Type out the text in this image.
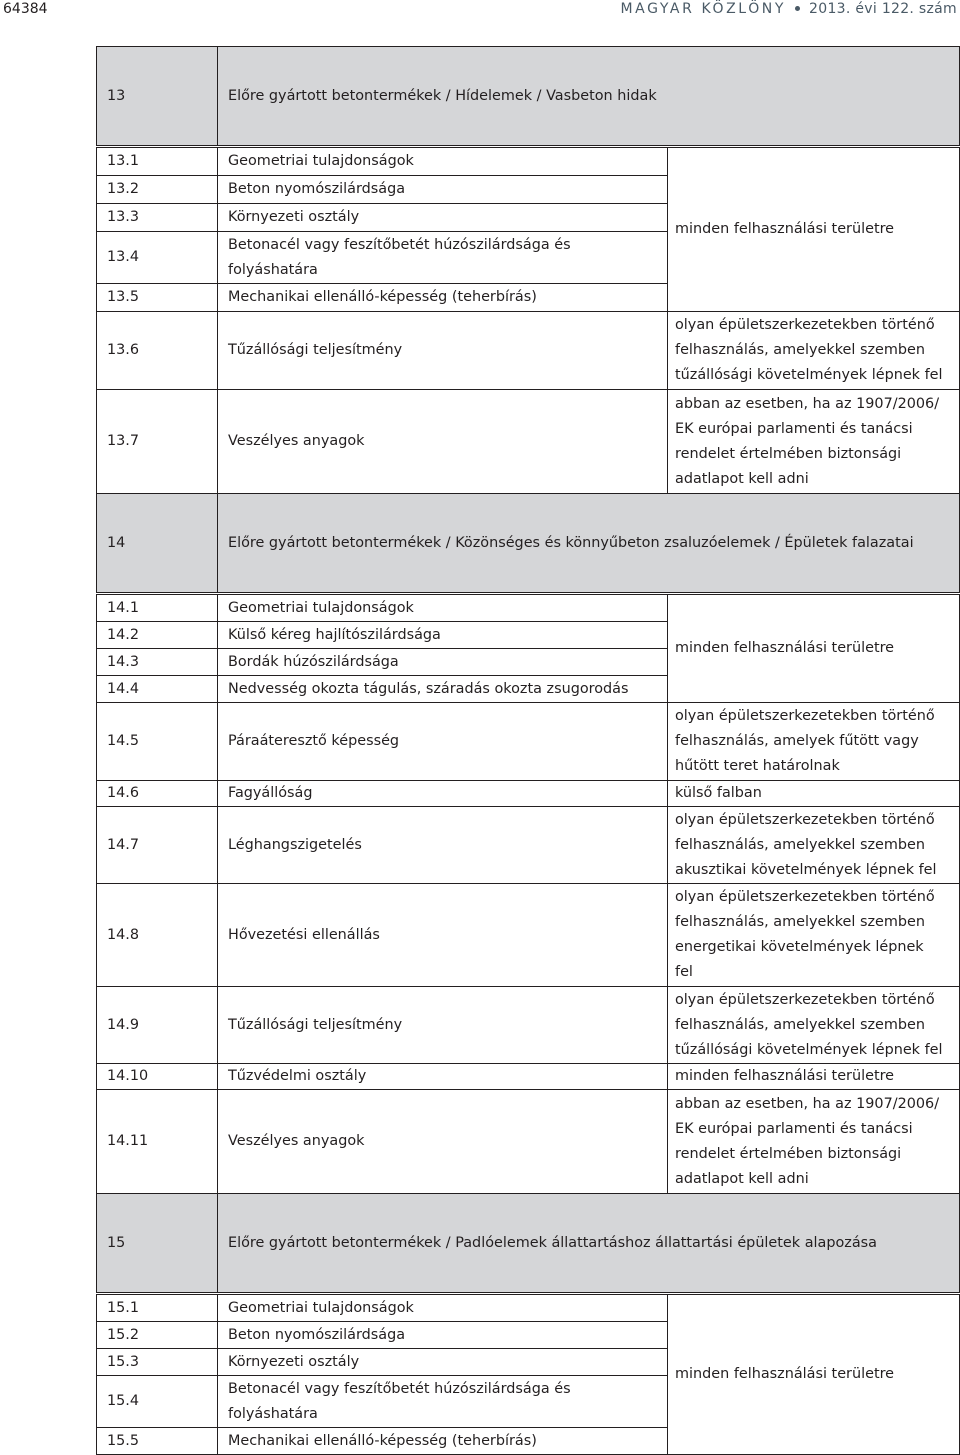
64384	MAGYAR KÖZLÖNY 2013. évi 122. szám
13	Előre gyártott betontermékek / Hídelemek / Vasbeton hidak	

13.1	Geometriai tulajdonságok	minden felhasználási területre
13.2	Beton nyomószilárdsága	
13.3	Környezeti osztály	
13.4	Betonacél vagy feszítőbetét húzószilárdsága és folyáshatára	
13.5	Mechanikai ellenálló-képesség (teherbírás)	
13.6	Tűzállósági teljesítmény	olyan épületszerkezetekben történő felhasználás, amelyekkel szemben tűzállósági követelmények lépnek fel
13.7	Veszélyes anyagok	abban az esetben, ha az 1907/2006/ EK európai parlamenti és tanácsi rendelet értelmében biztonsági adatlapot kell adni
14	Előre gyártott betontermékek / Közönséges és könnyűbeton zsaluzóelemek / Épületek falazatai	

14.1	Geometriai tulajdonságok	minden felhasználási területre
14.2	Külső kéreg hajlítószilárdsága	
14.3	Bordák húzószilárdsága	
14.4	Nedvesség okozta tágulás, száradás okozta zsugorodás	
14.5	Páraáteresztő képesség	olyan épületszerkezetekben történő felhasználás, amelyek fűtött vagy hűtött teret határolnak
14.6	Fagyállóság	külső falban
14.7	Léghangszigetelés	olyan épületszerkezetekben történő felhasználás, amelyekkel szemben akusztikai követelmények lépnek fel
14.8	Hővezetési ellenállás	olyan épületszerkezetekben történő felhasználás, amelyekkel szemben energetikai követelmények lépnek fel
14.9	Tűzállósági teljesítmény	olyan épületszerkezetekben történő felhasználás, amelyekkel szemben tűzállósági követelmények lépnek fel
14.10	Tűzvédelmi osztály	minden felhasználási területre
14.11	Veszélyes anyagok	abban az esetben, ha az 1907/2006/ EK európai parlamenti és tanácsi rendelet értelmében biztonsági adatlapot kell adni
15	Előre gyártott betontermékek / Padlóelemek állattartáshoz állattartási épületek alapozása	

15.1	Geometriai tulajdonságok	minden felhasználási területre
15.2	Beton nyomószilárdsága	
15.3	Környezeti osztály	
15.4	Betonacél vagy feszítőbetét húzószilárdsága és folyáshatára	
15.5	Mechanikai ellenálló-képesség (teherbírás)	
